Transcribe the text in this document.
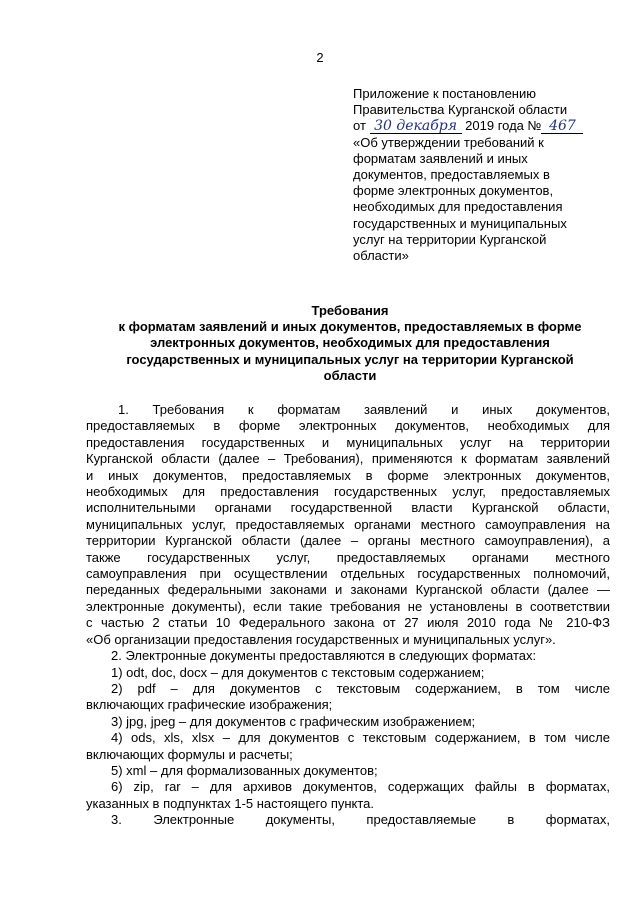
2
Приложение к постановлению
Правительства Курганской области
от 30 декабря 2019 года № 467
«Об утверждении требований к
форматам заявлений и иных
документов, предоставляемых в
форме электронных документов,
необходимых для предоставления
государственных и муниципальных
услуг на территории Курганской
области»
Требования
к форматам заявлений и иных документов, предоставляемых в форме
электронных документов, необходимых для предоставления
государственных и муниципальных услуг на территории Курганской
области
1. Требования к форматам заявлений и иных документов,
предоставляемых в форме электронных документов, необходимых для
предоставления государственных и муниципальных услуг на территории
Курганской области (далее – Требования), применяются к форматам заявлений
и иных документов, предоставляемых в форме электронных документов,
необходимых для предоставления государственных услуг, предоставляемых
исполнительными органами государственной власти Курганской области,
муниципальных услуг, предоставляемых органами местного самоуправления на
территории Курганской области (далее – органы местного самоуправления), а
также государственных услуг, предоставляемых органами местного
самоуправления при осуществлении отдельных государственных полномочий,
переданных федеральными законами и законами Курганской области (далее —
электронные документы), если такие требования не установлены в соответствии
с частью 2 статьи 10 Федерального закона от 27 июля 2010 года № 210-ФЗ
«Об организации предоставления государственных и муниципальных услуг».
2. Электронные документы предоставляются в следующих форматах:
1) odt, doc, docx – для документов с текстовым содержанием;
2) pdf – для документов с текстовым содержанием, в том числе
включающих графические изображения;
3) jpg, jpeg – для документов с графическим изображением;
4) ods, xls, xlsx – для документов с текстовым содержанием, в том числе
включающих формулы и расчеты;
5) xml – для формализованных документов;
6) zip, rar – для архивов документов, содержащих файлы в форматах,
указанных в подпунктах 1-5 настоящего пункта.
3. Электронные документы, предоставляемые в форматах,
